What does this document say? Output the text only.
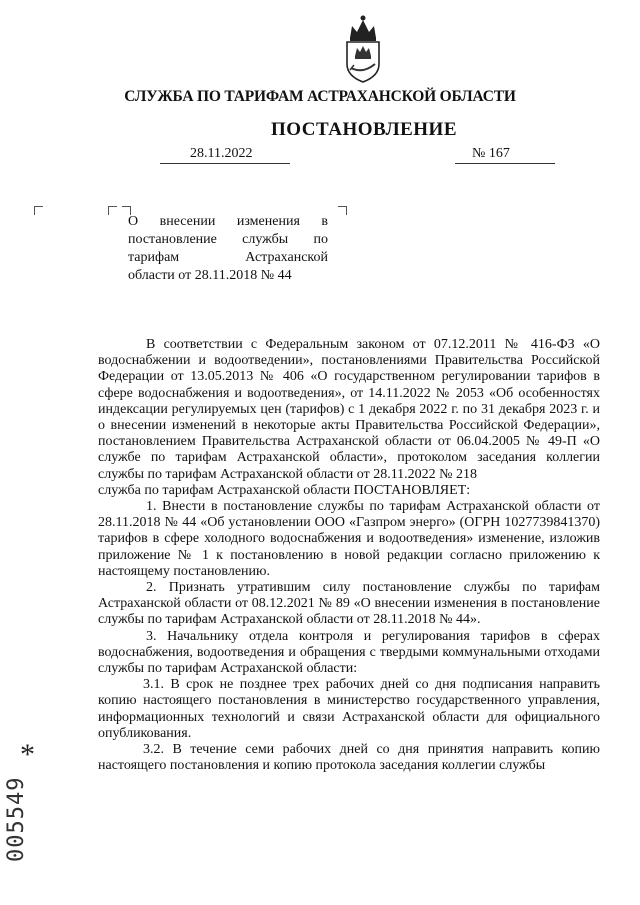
СЛУЖБА ПО ТАРИФАМ АСТРАХАНСКОЙ ОБЛАСТИ
ПОСТАНОВЛЕНИЕ
28.11.2022	№ 167
О внесении изменения в
постановление службы по
тарифам Астраханской
области от 28.11.2018 № 44

В соответствии с Федеральным законом от 07.12.2011 № 416-ФЗ «О водоснабжении и водоотведении», постановлениями Правительства Российской Федерации от 13.05.2013 № 406 «О государственном регулировании тарифов в сфере водоснабжения и водоотведения», от 14.11.2022 № 2053 «Об особенностях индексации регулируемых цен (тарифов) с 1 декабря 2022 г. по 31 декабря 2023 г. и о внесении изменений в некоторые акты Правительства Российской Федерации», постановлением Правительства Астраханской области от 06.04.2005 № 49-П «О службе по тарифам Астраханской области», протоколом заседания коллегии службы по тарифам Астраханской области от 28.11.2022 № 218

служба по тарифам Астраханской области ПОСТАНОВЛЯЕТ:

1. Внести в постановление службы по тарифам Астраханской области от 28.11.2018 № 44 «Об установлении ООО «Газпром энерго» (ОГРН 1027739841370) тарифов в сфере холодного водоснабжения и водоотведения» изменение, изложив приложение № 1 к постановлению в новой редакции согласно приложению к настоящему постановлению.

2. Признать утратившим силу постановление службы по тарифам Астраханской области от 08.12.2021 № 89 «О внесении изменения в постановление службы по тарифам Астраханской области от 28.11.2018 № 44».

3. Начальнику отдела контроля и регулирования тарифов в сферах водоснабжения, водоотведения и обращения с твердыми коммунальными отходами службы по тарифам Астраханской области:

3.1. В срок не позднее трех рабочих дней со дня подписания направить копию настоящего постановления в министерство государственного управления, информационных технологий и связи Астраханской области для официального опубликования.

3.2. В течение семи рабочих дней со дня принятия направить копию настоящего постановления и копию протокола заседания коллегии службы

*
005549
